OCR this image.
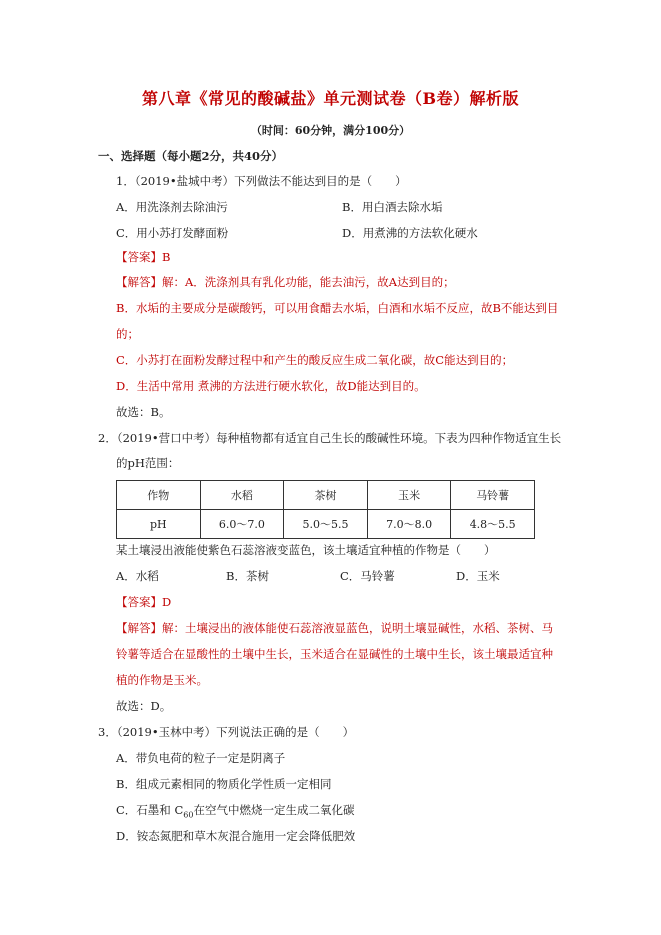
第八章《常见的酸碱盐》单元测试卷（B卷）解析版
（时间：60分钟，满分100分）
一、选择题（每小题2分，共40分）
1．（2019•盐城中考）下列做法不能达到目的是（　　）
A．用洗涤剂去除油污	B．用白酒去除水垢
C．用小苏打发酵面粉	D．用煮沸的方法软化硬水
【答案】B
【解答】解：A．洗涤剂具有乳化功能，能去油污，故A达到目的；
B．水垢的主要成分是碳酸钙，可以用食醋去水垢，白酒和水垢不反应，故B不能达到目
的；
C．小苏打在面粉发酵过程中和产生的酸反应生成二氧化碳，故C能达到目的；
D．生活中常用 煮沸的方法进行硬水软化，故D能达到目的。
故选：B。
2．（2019•营口中考）每种植物都有适宜自己生长的酸碱性环境。下表为四种作物适宜生长
的pH范围：
作物	水稻	茶树	玉米	马铃薯
pH	6.0～7.0	5.0～5.5	7.0～8.0	4.8～5.5
某土壤浸出液能使紫色石蕊溶液变蓝色，该土壤适宜种植的作物是（　　）
A．水稻	B．茶树	C．马铃薯	D．玉米
【答案】D
【解答】解：土壤浸出的液体能使石蕊溶液显蓝色，说明土壤显碱性，水稻、茶树、马
铃薯等适合在显酸性的土壤中生长，玉米适合在显碱性的土壤中生长，该土壤最适宜种
植的作物是玉米。
故选：D。
3．（2019•玉林中考）下列说法正确的是（　　）
A．带负电荷的粒子一定是阴离子
B．组成元素相同的物质化学性质一定相同
C．石墨和 $C_{60}$在空气中燃烧一定生成二氧化碳
D．铵态氮肥和草木灰混合施用一定会降低肥效
